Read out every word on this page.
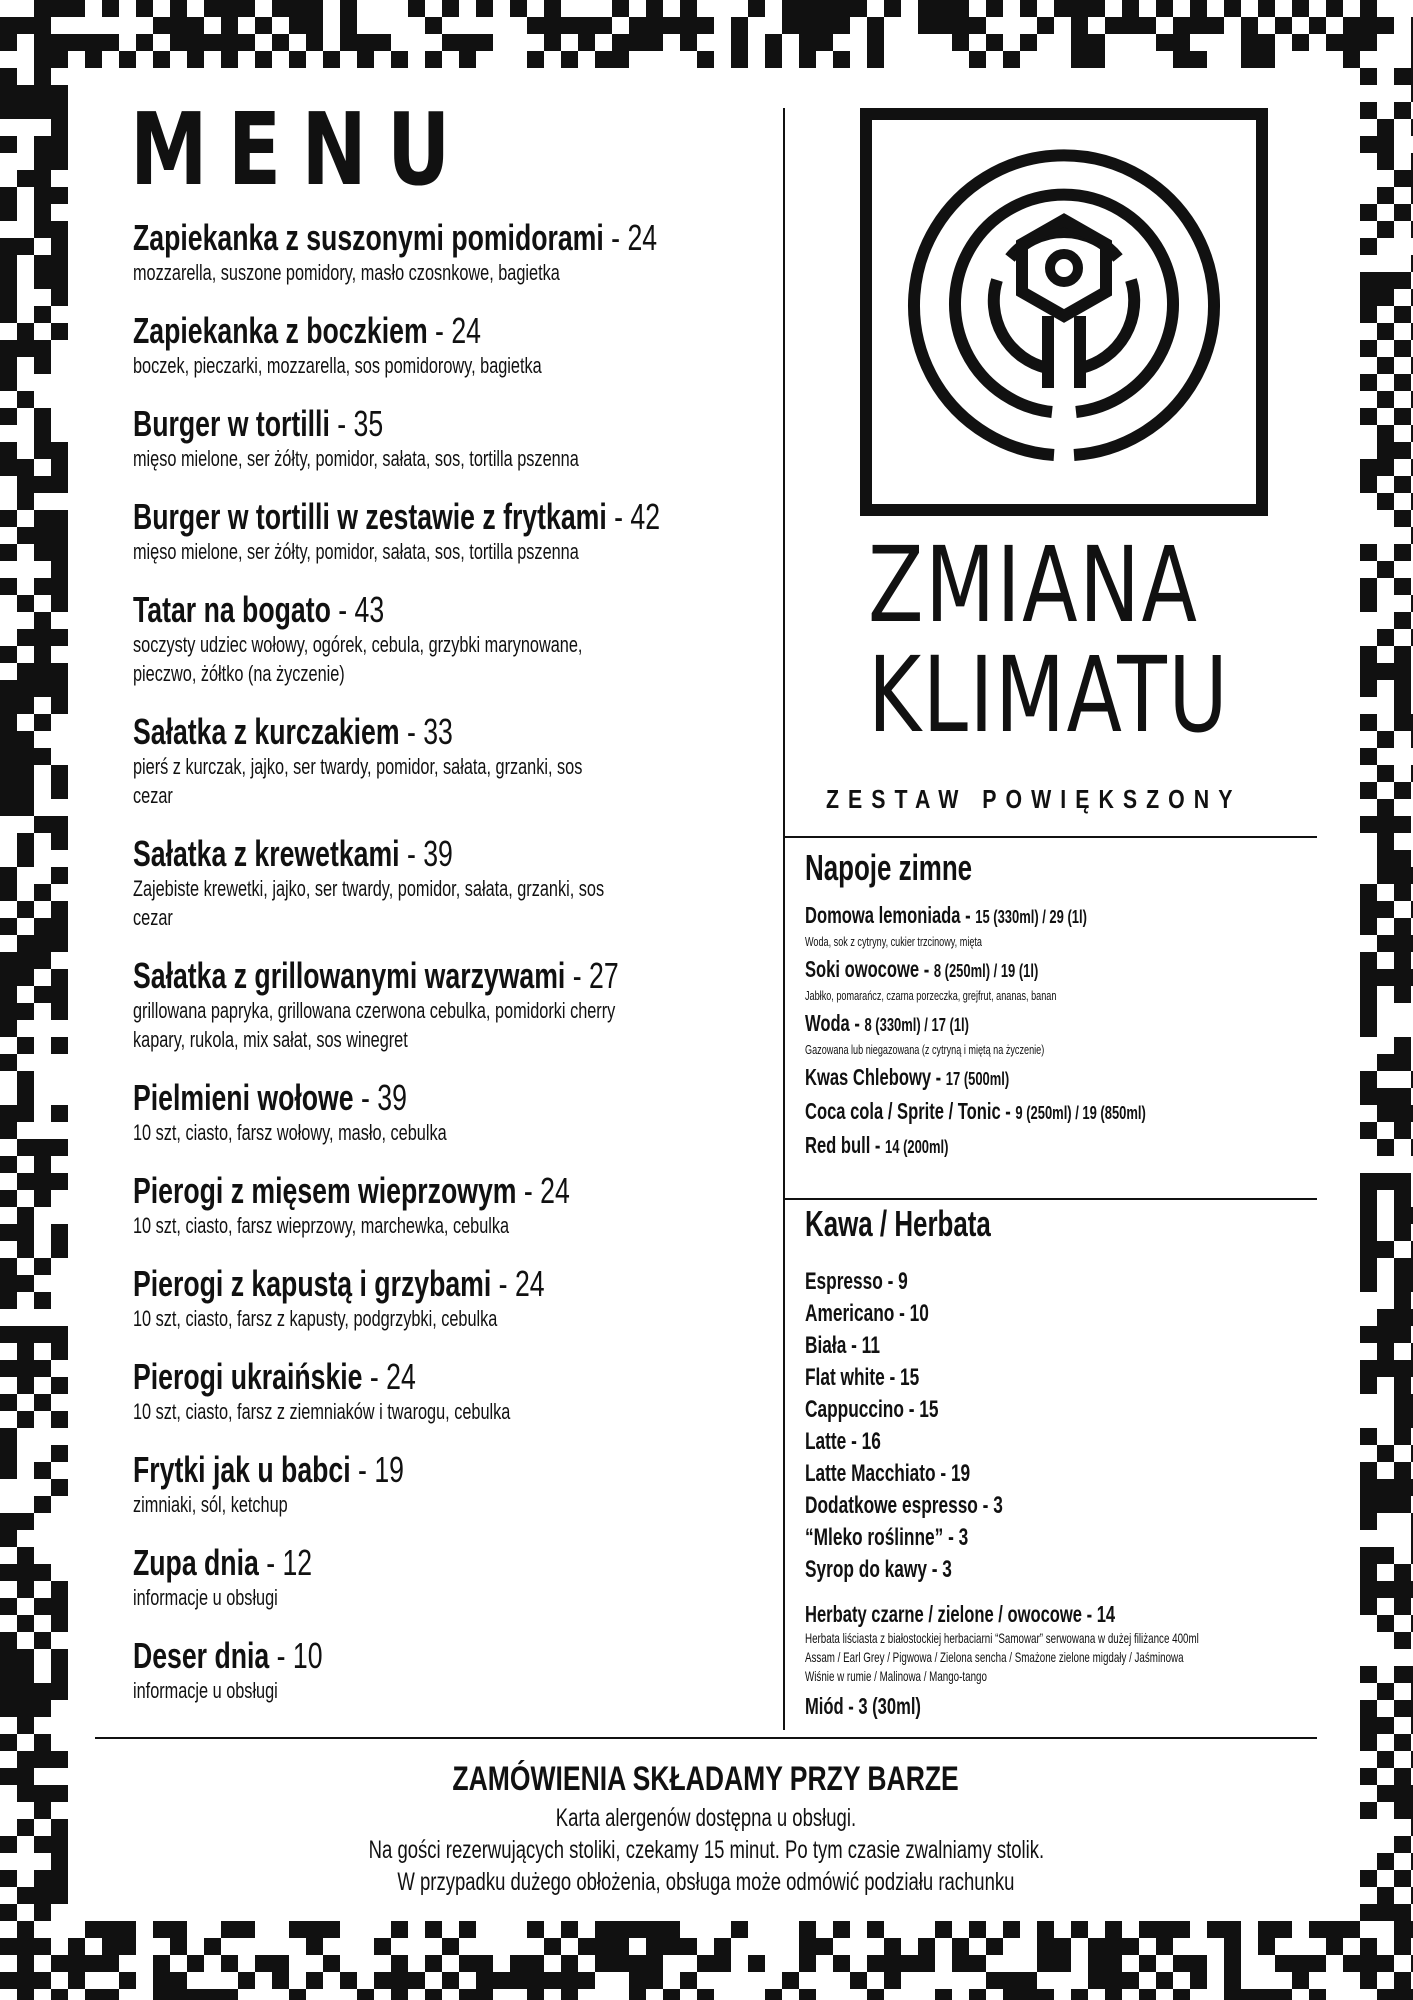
MENU
Zapiekanka z suszonymi pomidorami - 24
mozzarella, suszone pomidory, masło czosnkowe, bagietka
Zapiekanka z boczkiem - 24
boczek, pieczarki, mozzarella, sos pomidorowy, bagietka
Burger w tortilli - 35
mięso mielone, ser żółty, pomidor, sałata, sos, tortilla pszenna
Burger w tortilli w zestawie z frytkami - 42
mięso mielone, ser żółty, pomidor, sałata, sos, tortilla pszenna
Tatar na bogato - 43
soczysty udziec wołowy, ogórek, cebula, grzybki marynowane, pieczwo, żółtko (na życzenie)
Sałatka z kurczakiem - 33
pierś z kurczak, jajko, ser twardy, pomidor, sałata, grzanki, sos cezar
Sałatka z krewetkami - 39
Zajebiste krewetki, jajko, ser twardy, pomidor, sałata, grzanki, sos cezar
Sałatka z grillowanymi warzywami - 27
grillowana papryka, grillowana czerwona cebulka, pomidorki cherry kapary, rukola, mix sałat, sos winegret
Pielmieni wołowe - 39
10 szt, ciasto, farsz wołowy, masło, cebulka
Pierogi z mięsem wieprzowym - 24
10 szt, ciasto, farsz wieprzowy, marchewka, cebulka
Pierogi z kapustą i grzybami - 24
10 szt, ciasto, farsz z kapusty, podgrzybki, cebulka
Pierogi ukraińskie - 24
10 szt, ciasto, farsz z ziemniaków i twarogu, cebulka
Frytki jak u babci - 19
zimniaki, sól, ketchup
Zupa dnia - 12
informacje u obsługi
Deser dnia - 10
informacje u obsługi
ZMIANA
KLIMATU
ZESTAW POWIĘKSZONY
Napoje zimne
Domowa lemoniada - 15 (330ml) / 29 (1l)
Woda, sok z cytryny, cukier trzcinowy, mięta
Soki owocowe - 8 (250ml) / 19 (1l)
Jabłko, pomarańcz, czarna porzeczka, grejfrut, ananas, banan
Woda - 8 (330ml) / 17 (1l)
Gazowana lub niegazowana (z cytryną i miętą na życzenie)
Kwas Chlebowy - 17 (500ml)
Coca cola / Sprite / Tonic - 9 (250ml) / 19 (850ml)
Red bull - 14 (200ml)
Kawa / Herbata
Espresso - 9
Americano - 10
Biała - 11
Flat white - 15
Cappuccino - 15
Latte - 16
Latte Macchiato - 19
Dodatkowe espresso - 3
“Mleko roślinne” - 3
Syrop do kawy - 3
Herbaty czarne / zielone / owocowe - 14
Herbata liściasta z białostockiej herbaciarni “Samowar” serwowana w dużej filiżance 400ml
Assam / Earl Grey / Pigwowa / Zielona sencha / Smażone zielone migdały / Jaśminowa
Wiśnie w rumie / Malinowa / Mango-tango
Miód - 3 (30ml)
ZAMÓWIENIA SKŁADAMY PRZY BARZE
Karta alergenów dostępna u obsługi.
Na gości rezerwujących stoliki, czekamy 15 minut. Po tym czasie zwalniamy stolik.
W przypadku dużego obłożenia, obsługa może odmówić podziału rachunku
